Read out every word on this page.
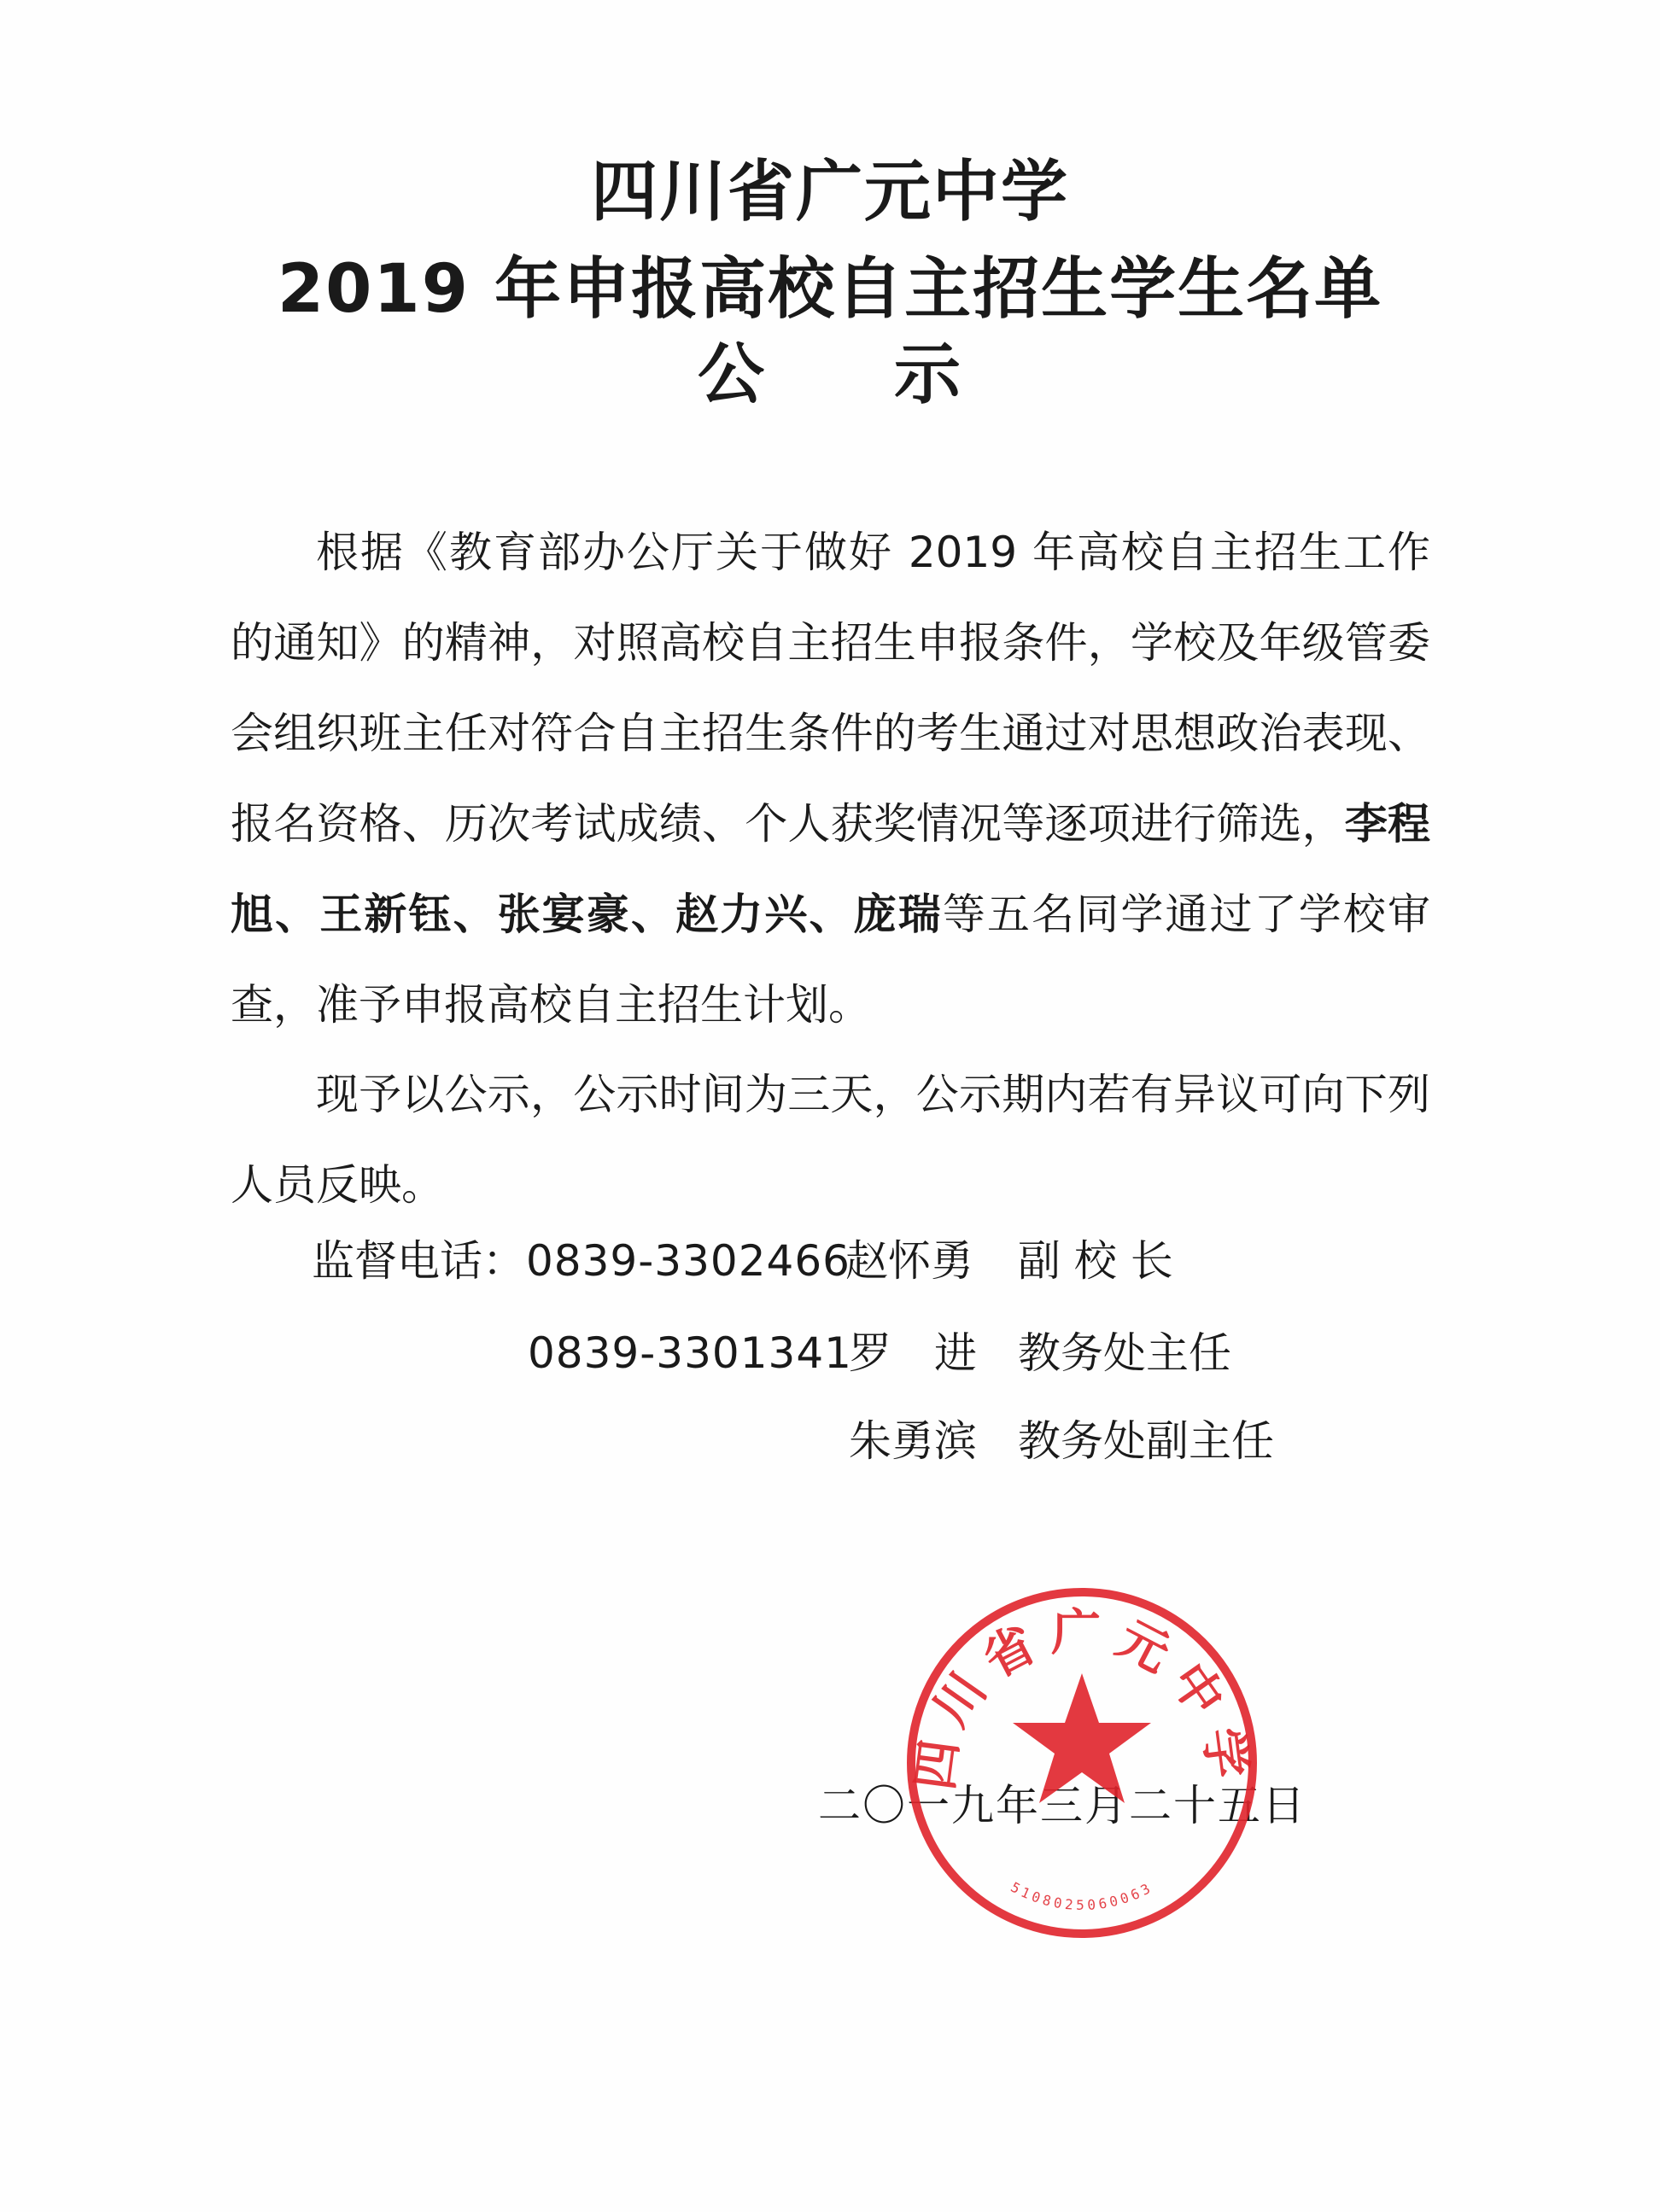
四川省广元中学
2019 年申报高校自主招生学生名单
公 示
根据《教育部办公厅关于做好 2019 年高校自主招生工作的通知》的精神，对照高校自主招生申报条件，学校及年级管委会组织班主任对符合自主招生条件的考生通过对思想政治表现、报名资格、历次考试成绩、个人获奖情况等逐项进行筛选，李程旭、王新钰、张宴豪、赵力兴、庞瑞等五名同学通过了学校审查，准予申报高校自主招生计划。
现予以公示，公示时间为三天，公示期内若有异议可向下列人员反映。
监督电话： 0839-3302466
赵怀勇 副 校 长
0839-3301341
罗　进 教务处主任
朱勇滨 教务处副主任
二〇一九年三月二十五日
四川省广元中学
5108025060063
